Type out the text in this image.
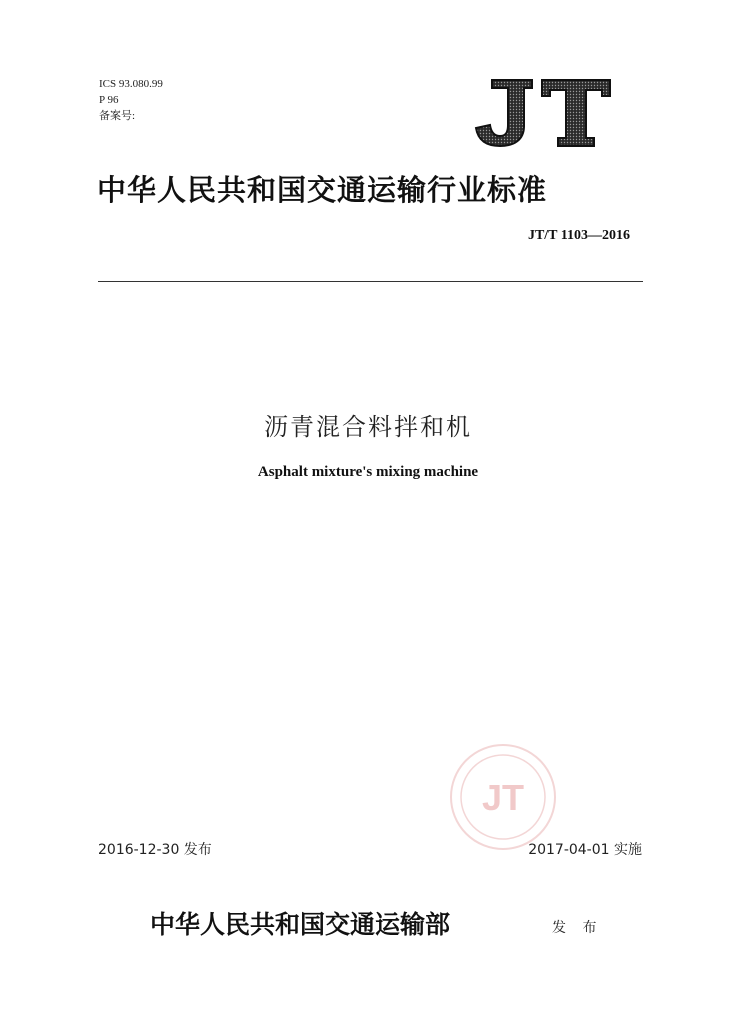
ICS 93.080.99
P 96
备案号:
中华人民共和国交通运输行业标准
JT/T 1103—2016
沥青混合料拌和机
Asphalt mixture's mixing machine
JT
2016-12-30 发布	2017-04-01 实施
中华人民共和国交通运输部	发 布
